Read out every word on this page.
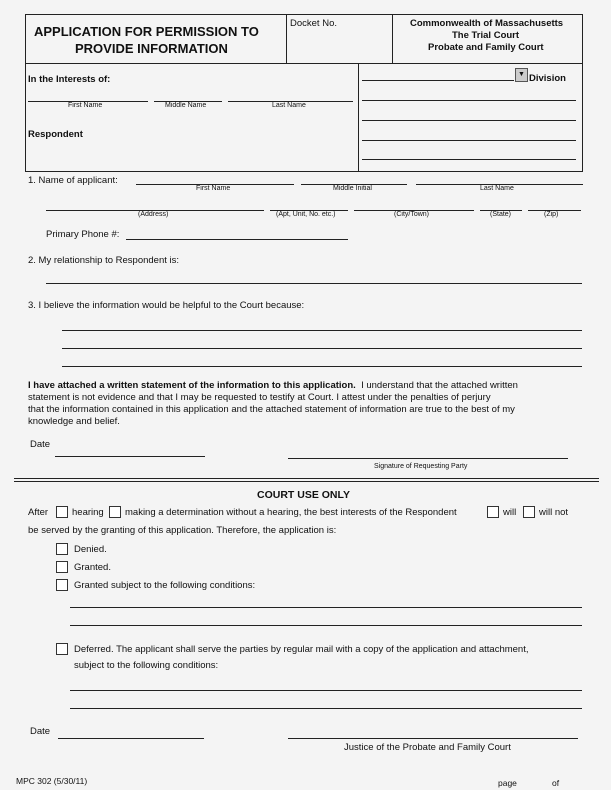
APPLICATION FOR PERMISSION TO
PROVIDE INFORMATION
Docket No.	Commonwealth of Massachusetts
The Trial Court
Probate and Family Court
In the Interests of:
First Name	Middle Name	Last Name
Respondent
▼ Division
1. Name of applicant:
First Name	Middle Initial	Last Name
(Address)	(Apt, Unit, No. etc.)	(City/Town)	(State)	(Zip)
Primary Phone #:
2. My relationship to Respondent is:
3. I believe the information would be helpful to the Court because:
I have attached a written statement of the information to this application. I understand that the attached written
statement is not evidence and that I may be requested to testify at Court. I attest under the penalties of perjury
that the information contained in this application and the attached statement of information are true to the best of my
knowledge and belief.
Date
Signature of Requesting Party
COURT USE ONLY
After	hearing making a determination without a hearing, the best interests of the Respondent	will will not
be served by the granting of this application. Therefore, the application is:
Denied.
Granted.
Granted subject to the following conditions:
Deferred. The applicant shall serve the parties by regular mail with a copy of the application and attachment,
subject to the following conditions:
Date
Justice of the Probate and Family Court
MPC 302 (5/30/11)	page	of
